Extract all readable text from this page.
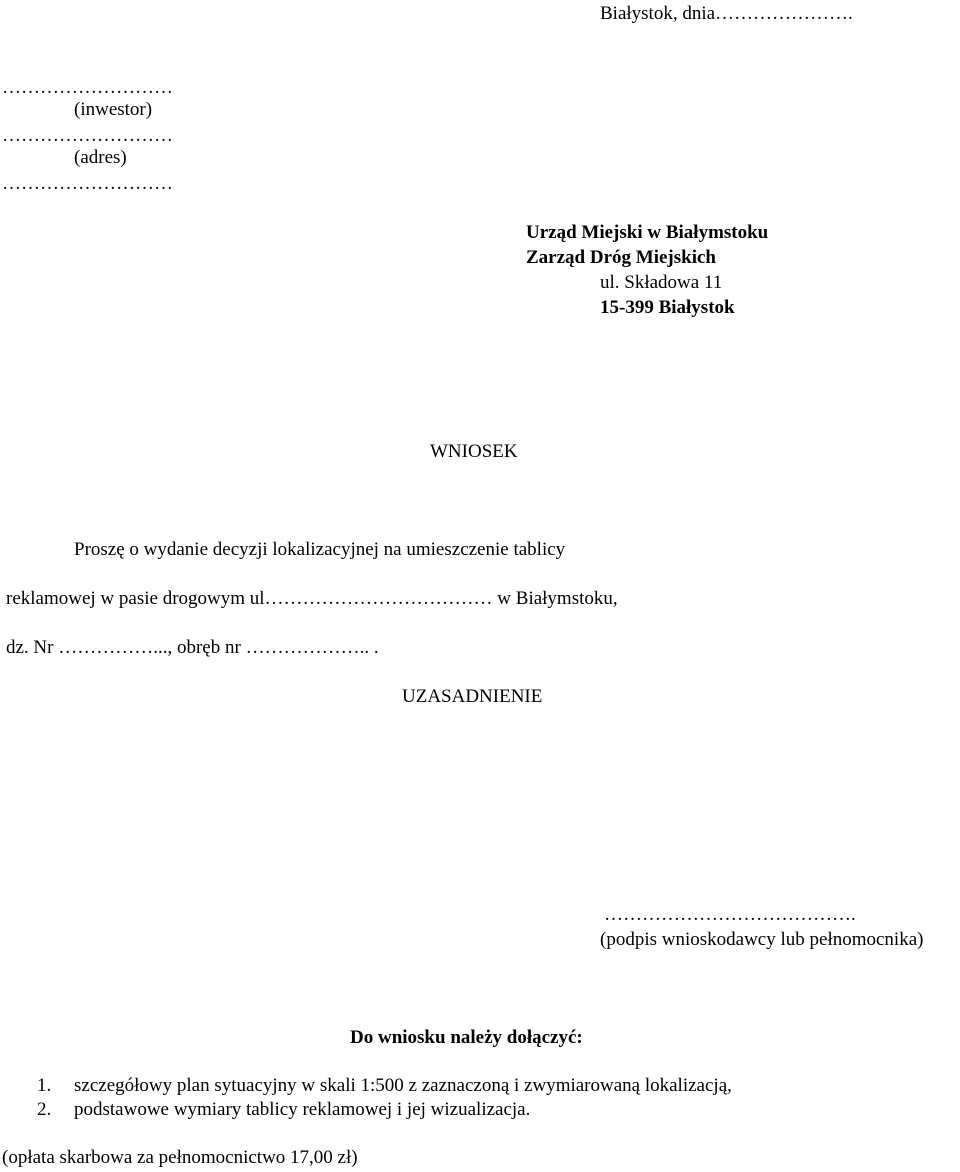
Białystok, dnia………………….
………………………
(inwestor)
………………………
(adres)
………………………
Urząd Miejski w Białymstoku
Zarząd Dróg Miejskich
ul. Składowa 11
15-399 Białystok
WNIOSEK
Proszę o wydanie decyzji lokalizacyjnej na umieszczenie tablicy
reklamowej w pasie drogowym ul……………………………… w Białymstoku,
dz. Nr ……………..., obręb nr ……………….. .
UZASADNIENIE
………………………………….
(podpis wnioskodawcy lub pełnomocnika)
Do wniosku należy dołączyć:
1. szczegółowy plan sytuacyjny w skali 1:500 z zaznaczoną i zwymiarowaną lokalizacją,
2. podstawowe wymiary tablicy reklamowej i jej wizualizacja.
(opłata skarbowa za pełnomocnictwo 17,00 zł)
